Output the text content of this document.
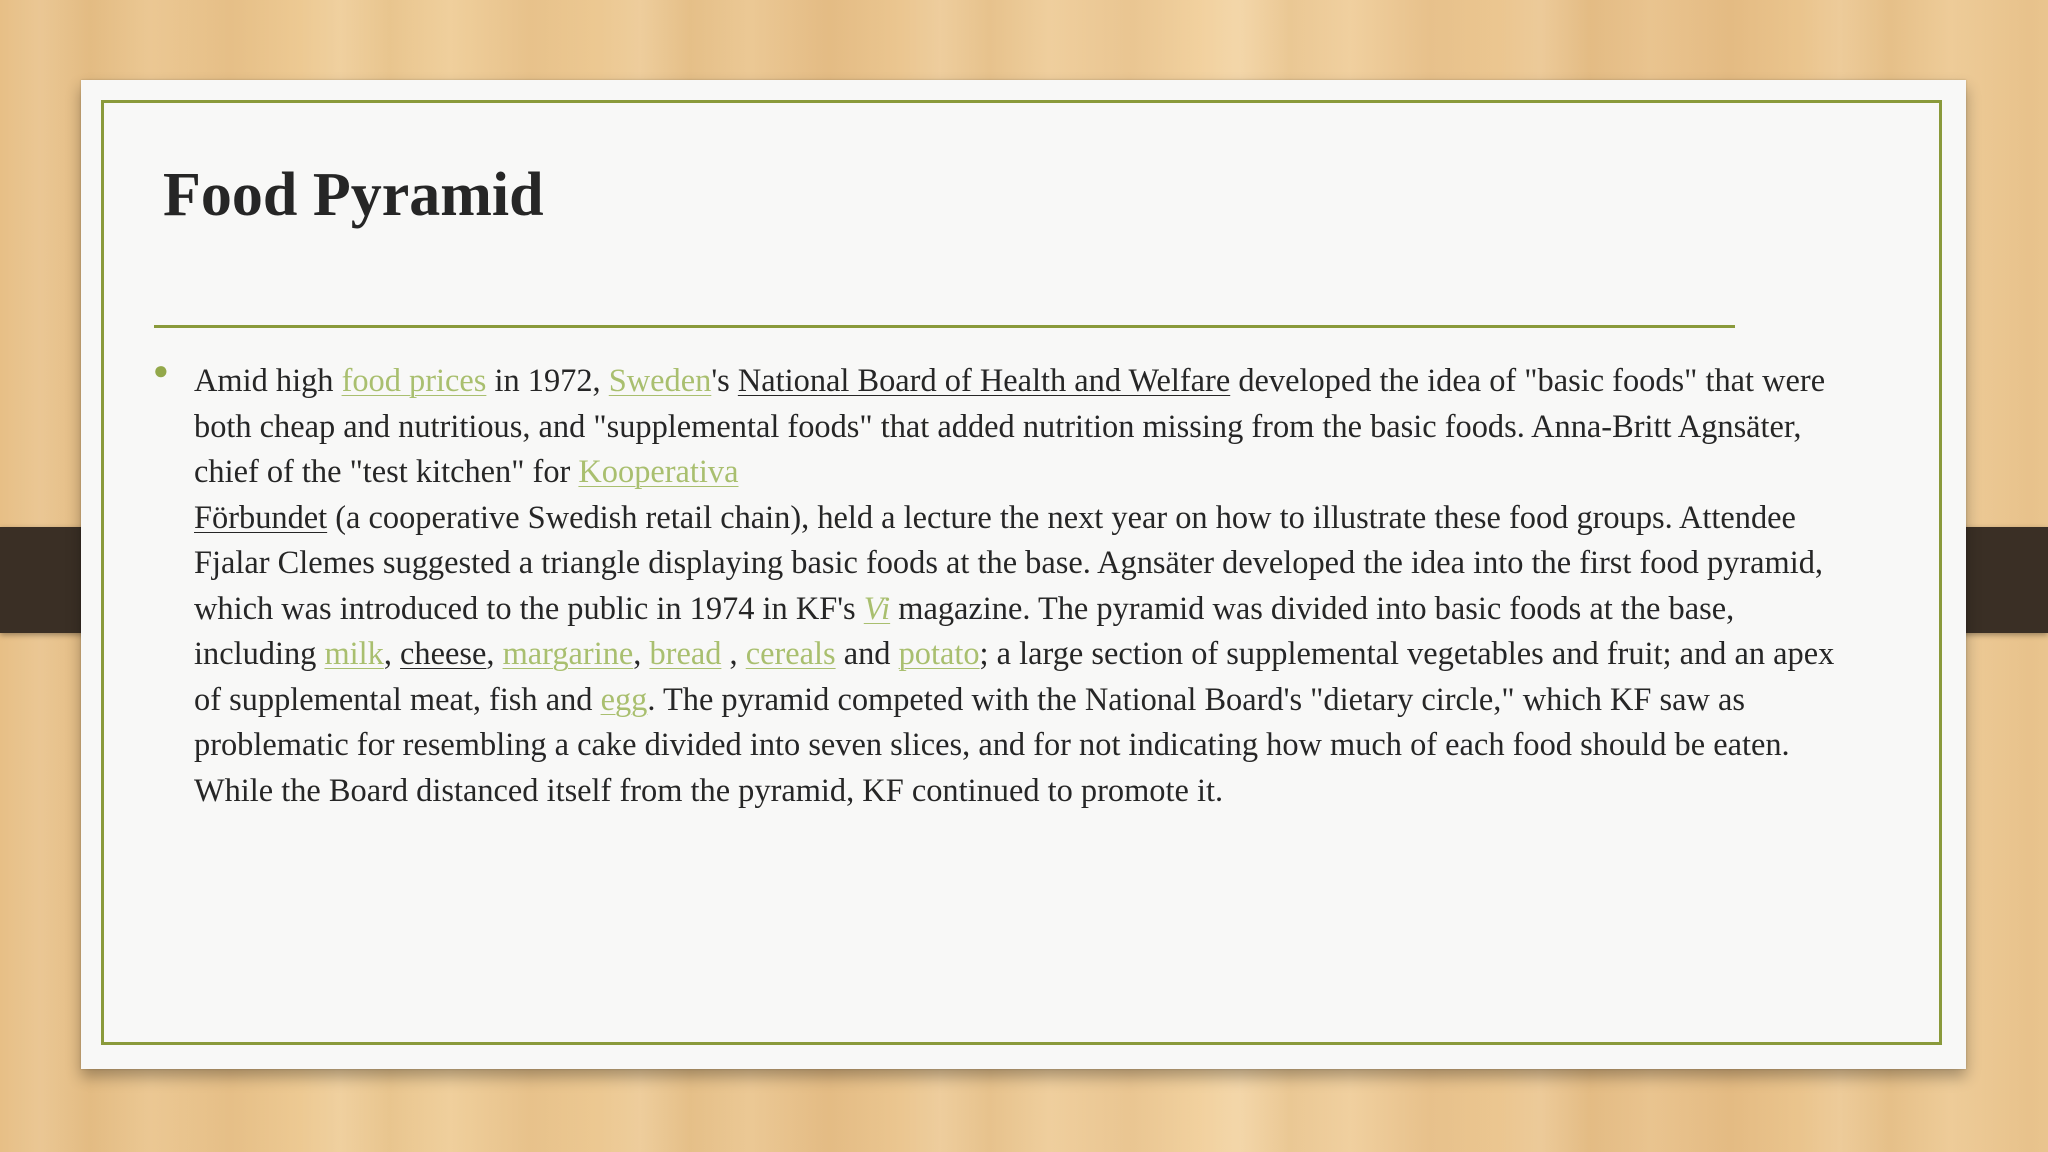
Food Pyramid
● Amid high food prices in 1972, Sweden's National Board of Health and Welfare developed the idea of "basic foods" that were both cheap and nutritious, and "supplemental foods" that added nutrition missing from the basic foods. Anna-Britt Agnsäter, chief of the "test kitchen" for Kooperativa
Förbundet (a cooperative Swedish retail chain), held a lecture the next year on how to illustrate these food groups. Attendee Fjalar Clemes suggested a triangle displaying basic foods at the base. Agnsäter developed the idea into the first food pyramid, which was introduced to the public in 1974 in KF's Vi magazine. The pyramid was divided into basic foods at the base, including milk, cheese, margarine, bread , cereals and potato; a large section of supplemental vegetables and fruit; and an apex of supplemental meat, fish and egg. The pyramid competed with the National Board's "dietary circle," which KF saw as problematic for resembling a cake divided into seven slices, and for not indicating how much of each food should be eaten. While the Board distanced itself from the pyramid, KF continued to promote it.
